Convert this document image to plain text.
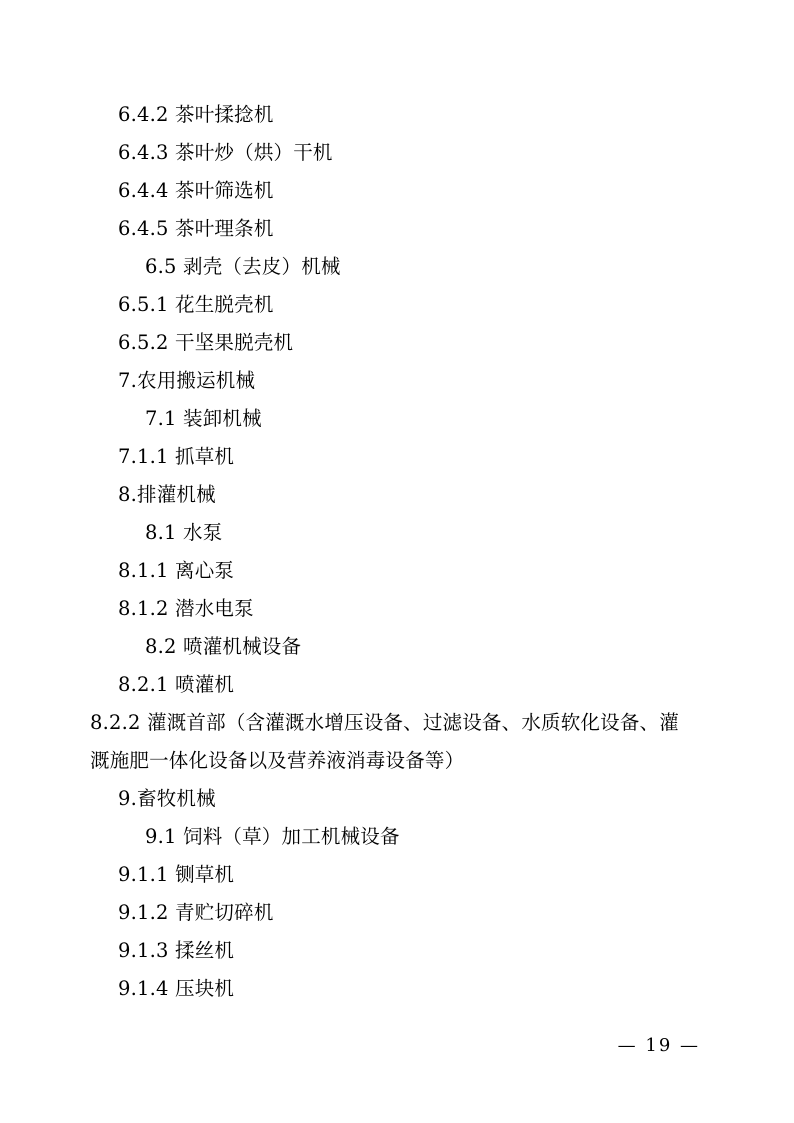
6.4.2 茶叶揉捻机
6.4.3 茶叶炒（烘）干机
6.4.4 茶叶筛选机
6.4.5 茶叶理条机
6.5 剥壳（去皮）机械
6.5.1 花生脱壳机
6.5.2 干坚果脱壳机
7.农用搬运机械
7.1 装卸机械
7.1.1 抓草机
8.排灌机械
8.1 水泵
8.1.1 离心泵
8.1.2 潜水电泵
8.2 喷灌机械设备
8.2.1 喷灌机
8.2.2 灌溉首部（含灌溉水增压设备、过滤设备、水质软化设备、灌溉施肥一体化设备以及营养液消毒设备等）
9.畜牧机械
9.1 饲料（草）加工机械设备
9.1.1 铡草机
9.1.2 青贮切碎机
9.1.3 揉丝机
9.1.4 压块机
— 19 —
